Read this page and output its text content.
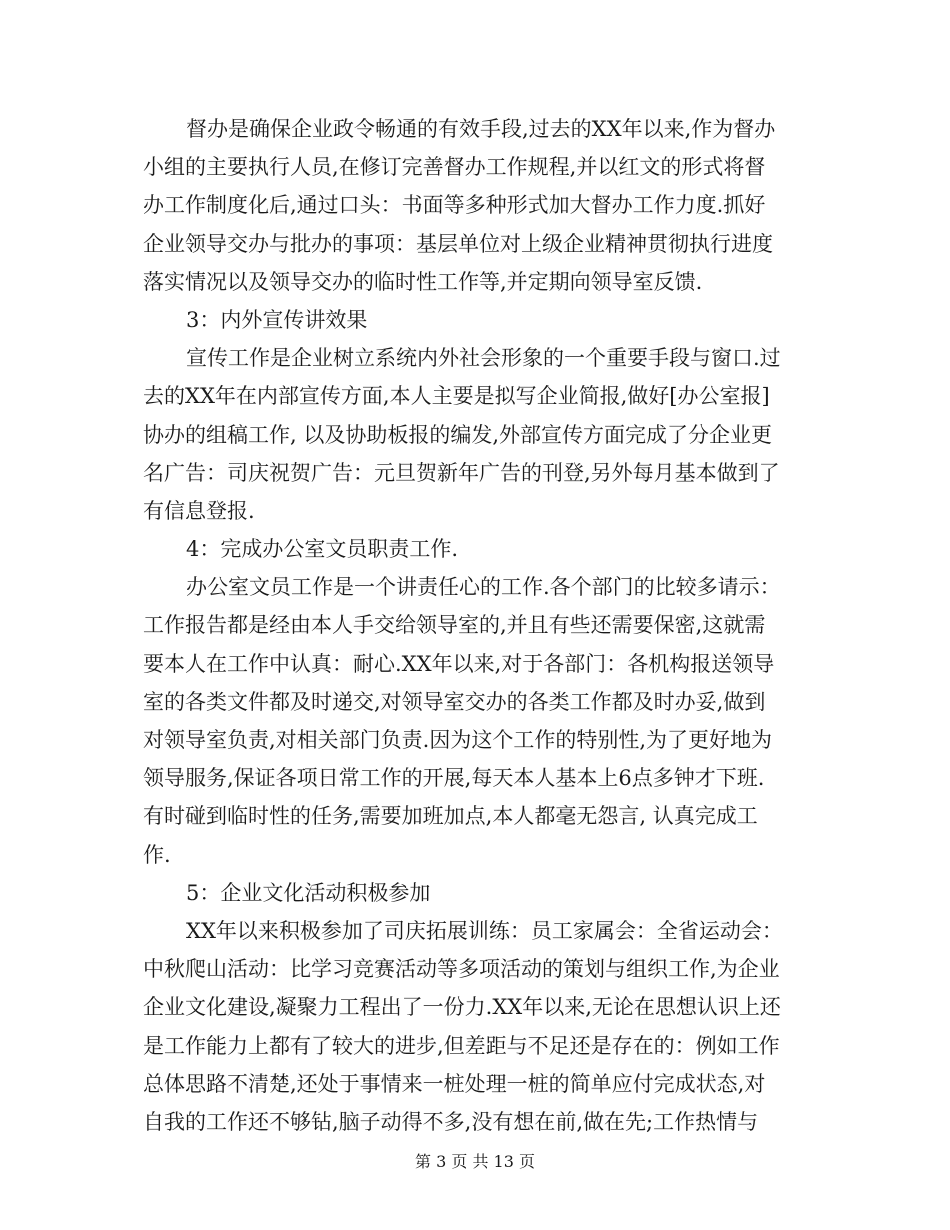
督办是确保企业政令畅通的有效手段,过去的XX年以来,作为督办
小组的主要执行人员,在修订完善督办工作规程,并以红文的形式将督
办工作制度化后,通过口头：书面等多种形式加大督办工作力度.抓好
企业领导交办与批办的事项：基层单位对上级企业精神贯彻执行进度
落实情况以及领导交办的临时性工作等,并定期向领导室反馈.
3：内外宣传讲效果
宣传工作是企业树立系统内外社会形象的一个重要手段与窗口.过
去的XX年在内部宣传方面,本人主要是拟写企业简报,做好[办公室报]
协办的组稿工作, 以及协助板报的编发,外部宣传方面完成了分企业更
名广告：司庆祝贺广告：元旦贺新年广告的刊登,另外每月基本做到了
有信息登报.
4：完成办公室文员职责工作.
办公室文员工作是一个讲责任心的工作.各个部门的比较多请示：
工作报告都是经由本人手交给领导室的,并且有些还需要保密,这就需
要本人在工作中认真：耐心.XX年以来,对于各部门：各机构报送领导
室的各类文件都及时递交,对领导室交办的各类工作都及时办妥,做到
对领导室负责,对相关部门负责.因为这个工作的特别性,为了更好地为
领导服务,保证各项日常工作的开展,每天本人基本上6点多钟才下班.
有时碰到临时性的任务,需要加班加点,本人都毫无怨言, 认真完成工
作.
5：企业文化活动积极参加
XX年以来积极参加了司庆拓展训练：员工家属会：全省运动会：
中秋爬山活动：比学习竞赛活动等多项活动的策划与组织工作,为企业
企业文化建设,凝聚力工程出了一份力.XX年以来,无论在思想认识上还
是工作能力上都有了较大的进步,但差距与不足还是存在的：例如工作
总体思路不清楚,还处于事情来一桩处理一桩的简单应付完成状态,对
自我的工作还不够钻,脑子动得不多,没有想在前,做在先;工作热情与
第 3 页 共 13 页
